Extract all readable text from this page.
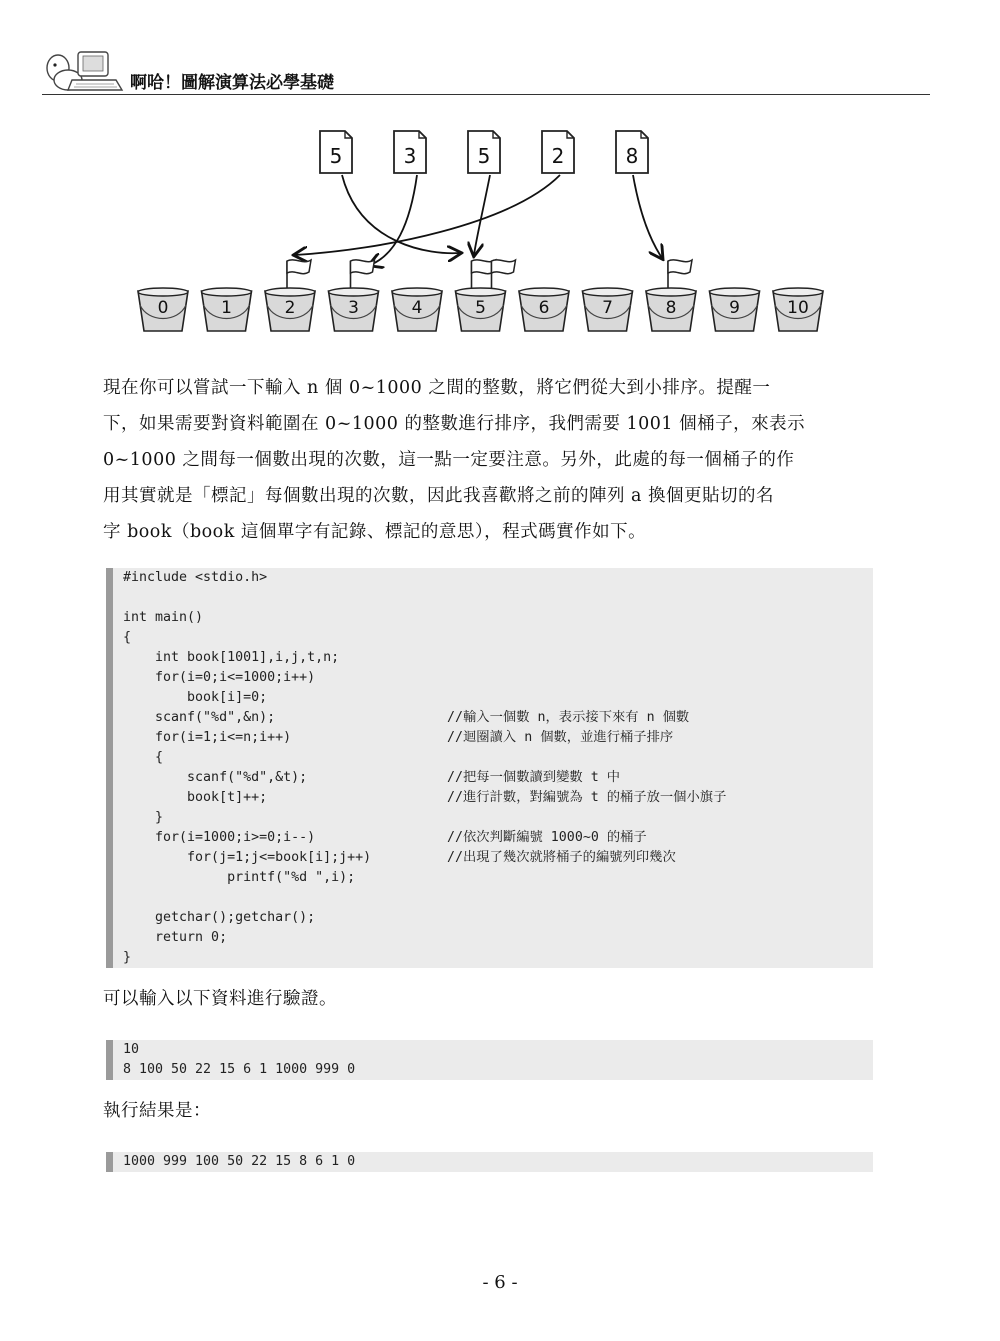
啊哈！圖解演算法必學基礎
5	3	5	2	8
0	1	2	3	4	5	6	7	8	9	10

現在你可以嘗試一下輸入 n 個 0~1000 之間的整數，將它們從大到小排序。提醒一

下，如果需要對資料範圍在 0~1000 的整數進行排序，我們需要 1001 個桶子，來表示

0~1000 之間每一個數出現的次數，這一點一定要注意。另外，此處的每一個桶子的作

用其實就是「標記」每個數出現的次數，因此我喜歡將之前的陣列 a 換個更貼切的名

字 book（book 這個單字有記錄、標記的意思），程式碼實作如下。

#include <stdio.h>
int main()
{
int book[1001],i,j,t,n;
for(i=0;i<=1000;i++)
book[i]=0;
scanf("%d",&n);	//輸入一個數 n，表示接下來有 n 個數
for(i=1;i<=n;i++)	//迴圈讀入 n 個數，並進行桶子排序
{
scanf("%d",&t);	//把每一個數讀到變數 t 中
book[t]++;	//進行計數，對編號為 t 的桶子放一個小旗子
}
for(i=1000;i>=0;i--)	//依次判斷編號 1000~0 的桶子
for(j=1;j<=book[i];j++)	//出現了幾次就將桶子的編號列印幾次
printf("%d ",i);
getchar();getchar();
return 0;
}
可以輸入以下資料進行驗證。
10
8 100 50 22 15 6 1 1000 999 0
執行結果是：
1000 999 100 50 22 15 8 6 1 0
- 6 -
